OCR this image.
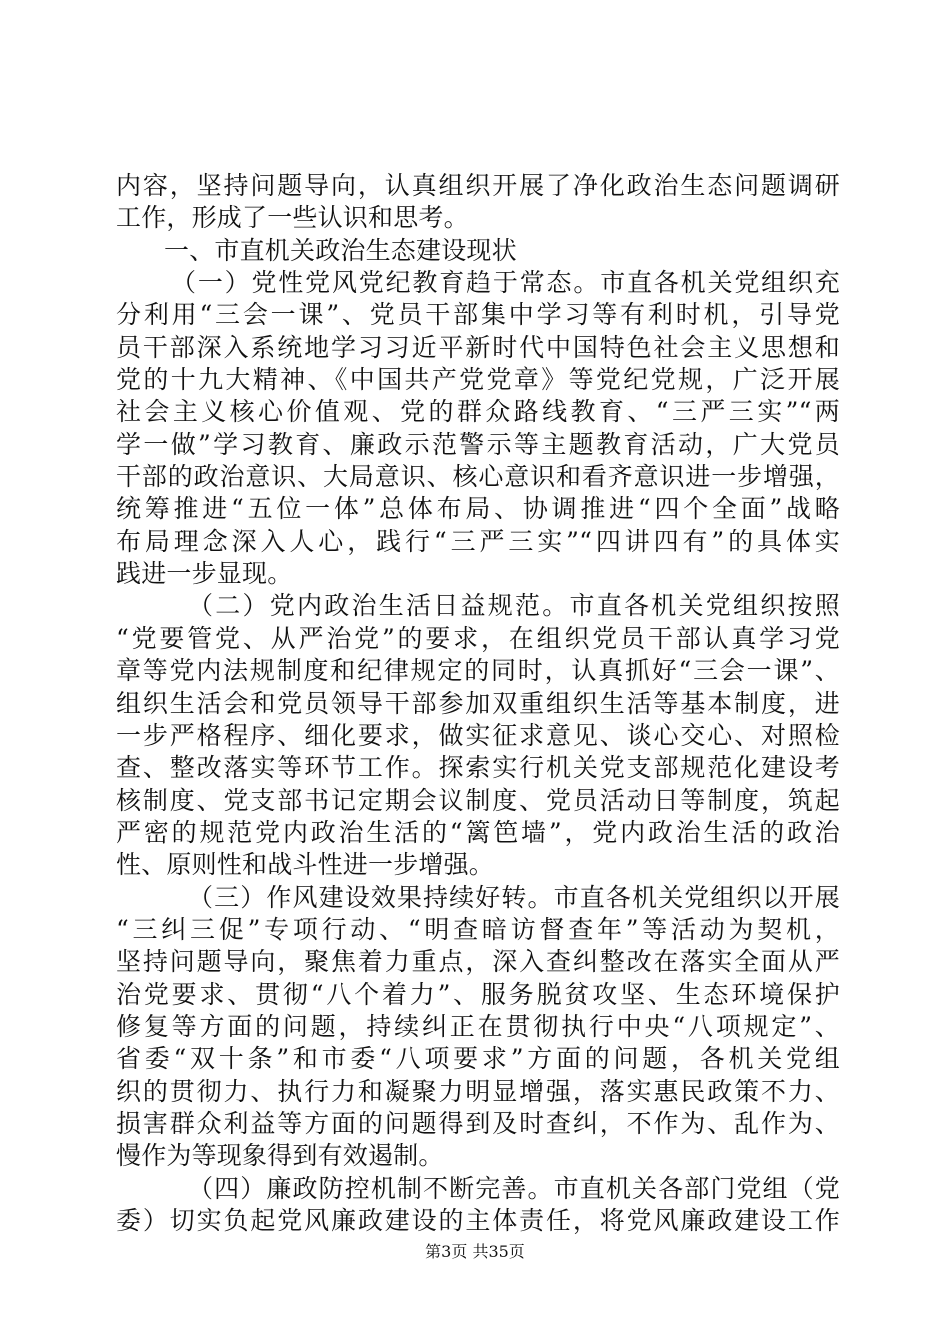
内容，坚持问题导向，认真组织开展了净化政治生态问题调研
工作，形成了一些认识和思考。
一、市直机关政治生态建设现状
（一）党性党风党纪教育趋于常态。市直各机关党组织充
分利用“三会一课”、党员干部集中学习等有利时机，引导党
员干部深入系统地学习习近平新时代中国特色社会主义思想和
党的十九大精神、《中国共产党党章》等党纪党规，广泛开展
社会主义核心价值观、党的群众路线教育、“三严三实”“两
学一做”学习教育、廉政示范警示等主题教育活动，广大党员
干部的政治意识、大局意识、核心意识和看齐意识进一步增强，
统筹推进“五位一体”总体布局、协调推进“四个全面”战略
布局理念深入人心，践行“三严三实”“四讲四有”的具体实
践进一步显现。
（二）党内政治生活日益规范。市直各机关党组织按照
“党要管党、从严治党”的要求，在组织党员干部认真学习党
章等党内法规制度和纪律规定的同时，认真抓好“三会一课”、
组织生活会和党员领导干部参加双重组织生活等基本制度，进
一步严格程序、细化要求，做实征求意见、谈心交心、对照检
查、整改落实等环节工作。探索实行机关党支部规范化建设考
核制度、党支部书记定期会议制度、党员活动日等制度，筑起
严密的规范党内政治生活的“篱笆墙”，党内政治生活的政治
性、原则性和战斗性进一步增强。
（三）作风建设效果持续好转。市直各机关党组织以开展
“三纠三促”专项行动、“明查暗访督查年”等活动为契机，
坚持问题导向，聚焦着力重点，深入查纠整改在落实全面从严
治党要求、贯彻“八个着力”、服务脱贫攻坚、生态环境保护
修复等方面的问题，持续纠正在贯彻执行中央“八项规定”、
省委“双十条”和市委“八项要求”方面的问题，各机关党组
织的贯彻力、执行力和凝聚力明显增强，落实惠民政策不力、
损害群众利益等方面的问题得到及时查纠，不作为、乱作为、
慢作为等现象得到有效遏制。
（四）廉政防控机制不断完善。市直机关各部门党组（党
委）切实负起党风廉政建设的主体责任，将党风廉政建设工作
第3页 共35页
